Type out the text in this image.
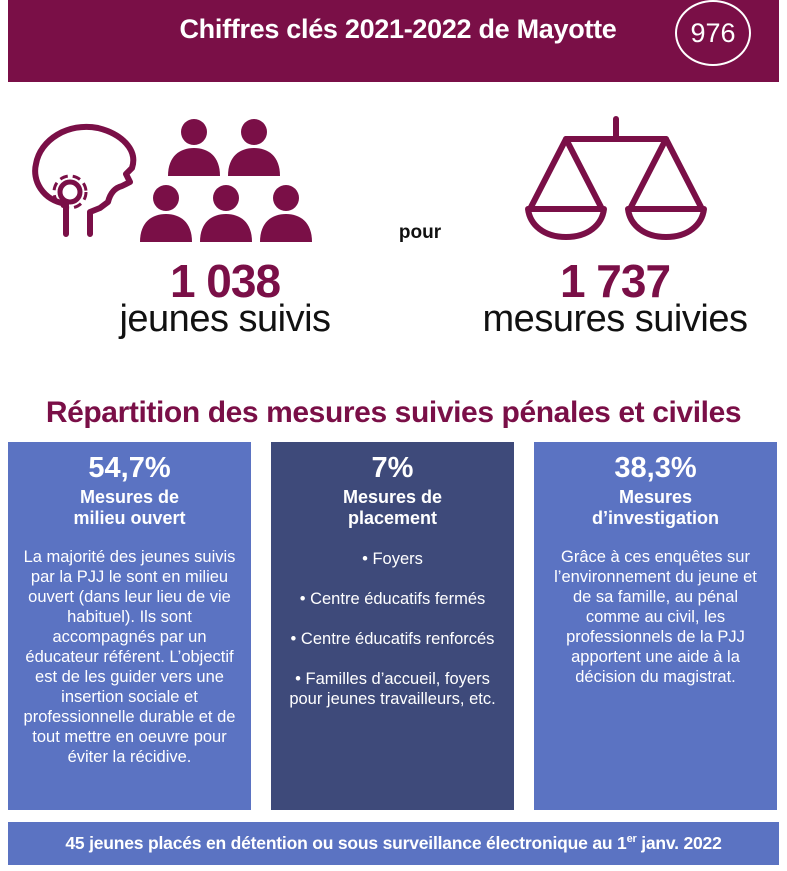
Chiffres clés 2021-2022 de Mayotte	976
1 038
jeunes suivis
pour
1 737
mesures suivies
Répartition des mesures suivies pénales et civiles
54,7%
Mesures de
milieu ouvert
La majorité des jeunes suivis par la PJJ le sont en milieu ouvert (dans leur lieu de vie habituel). Ils sont accompagnés par un éducateur référent. L’objectif est de les guider vers une insertion sociale et professionnelle durable et de tout mettre en oeuvre pour éviter la récidive.
7%
Mesures de
placement
• Foyers
• Centre éducatifs fermés
• Centre éducatifs renforcés
• Familles d’accueil, foyers pour jeunes travailleurs, etc.
38,3%
Mesures
d’investigation
Grâce à ces enquêtes sur l’environnement du jeune et de sa famille, au pénal comme au civil, les professionnels de la PJJ apportent une aide à la décision du magistrat.
45 jeunes placés en détention ou sous surveillance électronique au 1er janv. 2022
